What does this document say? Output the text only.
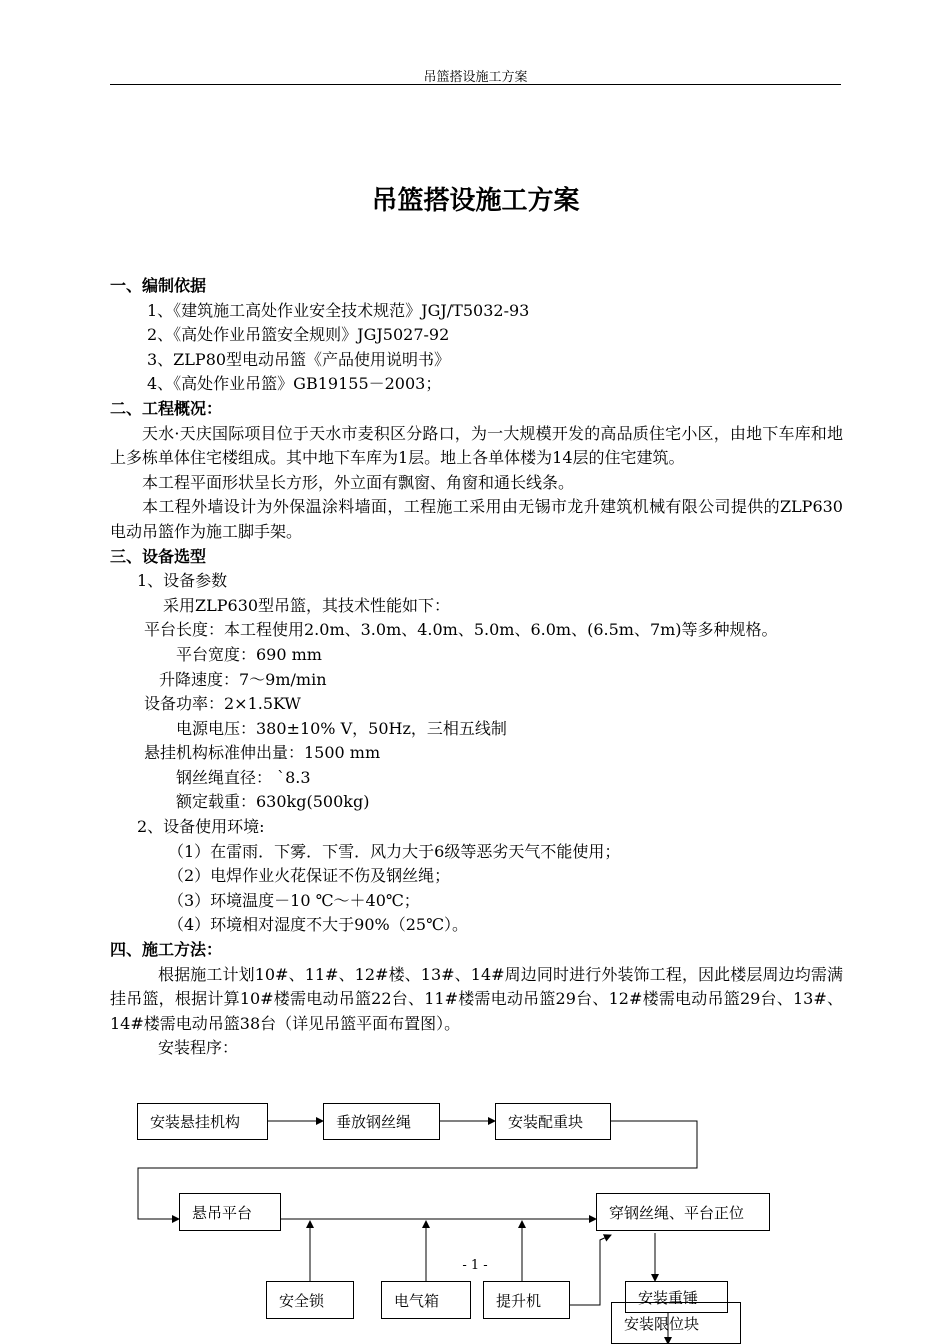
吊篮搭设施工方案
吊篮搭设施工方案

一、编制依据

1、《建筑施工高处作业安全技术规范》JGJ/T5032-93

2、《高处作业吊篮安全规则》JGJ5027-92

3、ZLP80型电动吊篮《产品使用说明书》

4、《高处作业吊篮》GB19155－2003；

二、工程概况：

天水·天庆国际项目位于天水市麦积区分路口，为一大规模开发的高品质住宅小区，由地下车库和地上多栋单体住宅楼组成。其中地下车库为1层。地上各单体楼为14层的住宅建筑。

本工程平面形状呈长方形，外立面有飘窗、角窗和通长线条。

本工程外墙设计为外保温涂料墙面，工程施工采用由无锡市龙升建筑机械有限公司提供的ZLP630电动吊篮作为施工脚手架。

三、设备选型

1、设备参数

采用ZLP630型吊篮，其技术性能如下：

平台长度：本工程使用2.0m、3.0m、4.0m、5.0m、6.0m、(6.5m、7m)等多种规格。

平台宽度：690 mm

升降速度：7～9m/min

设备功率：2×1.5KW

电源电压：380±10% V，50Hz，三相五线制

悬挂机构标准伸出量：1500 mm

钢丝绳直径： `8.3

额定载重：630kg(500kg)

2、设备使用环境:

（1）在雷雨．下雾．下雪．风力大于6级等恶劣天气不能使用；

（2）电焊作业火花保证不伤及钢丝绳；

（3）环境温度－10 ℃～＋40℃；

（4）环境相对湿度不大于90%（25℃）。

四、施工方法：

根据施工计划10#、11#、12#楼、13#、14#周边同时进行外装饰工程，因此楼层周边均需满挂吊篮，根据计算10#楼需电动吊篮22台、11#楼需电动吊篮29台、12#楼需电动吊篮29台、13#、14#楼需电动吊篮38台（详见吊篮平面布置图）。

安装程序：

安装悬挂机构	垂放钢丝绳	安装配重块
悬吊平台	穿钢丝绳、平台正位
安全锁	电气箱	提升机	安装重锤
安装限位块
- 1 -
